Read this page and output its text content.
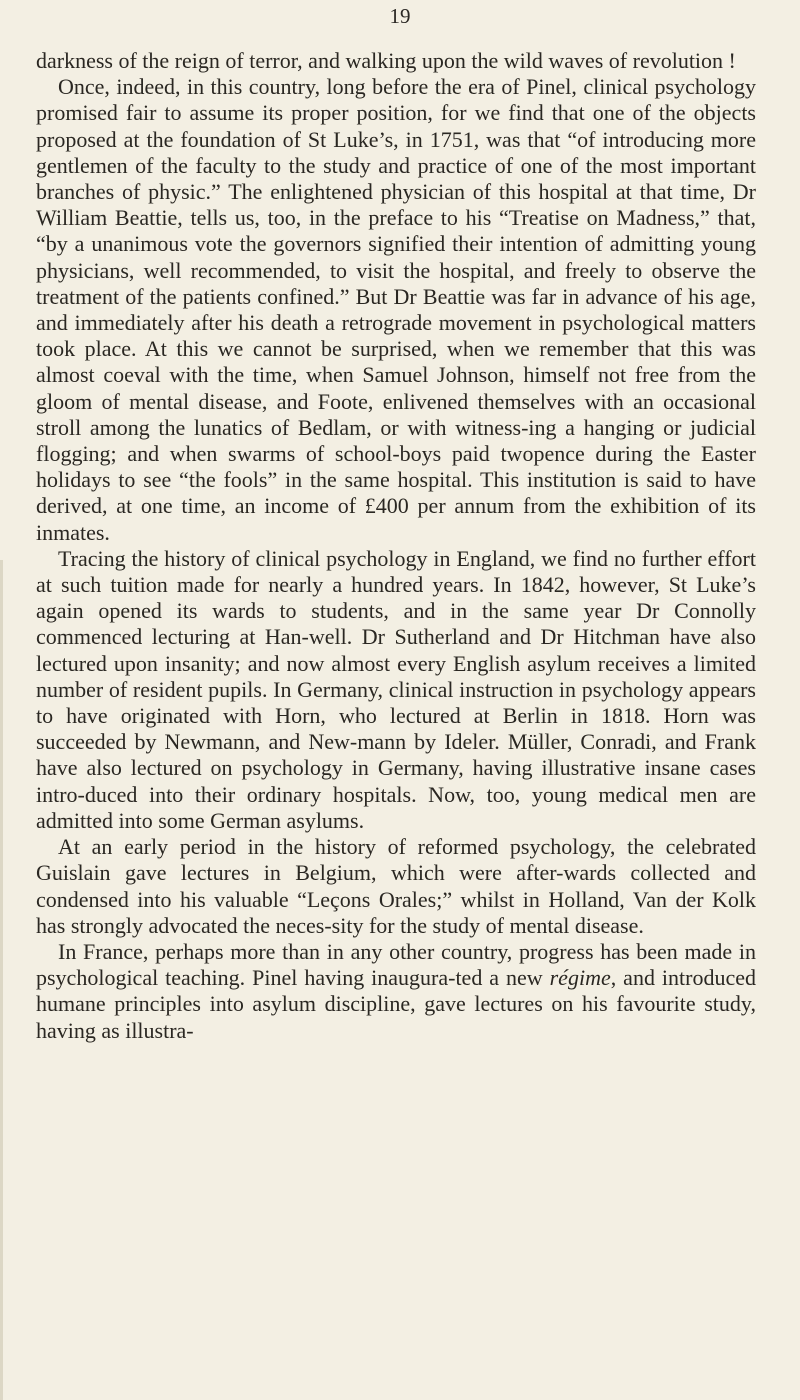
19

darkness of the reign of terror, and walking upon the wild waves of revolution !

Once, indeed, in this country, long before the era of Pinel, clinical psychology promised fair to assume its proper position, for we find that one of the objects proposed at the foundation of St Luke’s, in 1751, was that “of introducing more gentlemen of the faculty to the study and practice of one of the most important branches of physic.” The enlightened physician of this hospital at that time, Dr William Beattie, tells us, too, in the preface to his “Treatise on Madness,” that, “by a unanimous vote the governors signified their intention of admitting young physicians, well recommended, to visit the hospital, and freely to observe the treatment of the patients confined.” But Dr Beattie was far in advance of his age, and immediately after his death a retrograde movement in psychological matters took place. At this we cannot be surprised, when we remember that this was almost coeval with the time, when Samuel Johnson, himself not free from the gloom of mental disease, and Foote, enlivened themselves with an occasional stroll among the lunatics of Bedlam, or with witness-ing a hanging or judicial flogging; and when swarms of school-boys paid twopence during the Easter holidays to see “the fools” in the same hospital. This institution is said to have derived, at one time, an income of £400 per annum from the exhibition of its inmates.

Tracing the history of clinical psychology in England, we find no further effort at such tuition made for nearly a hundred years. In 1842, however, St Luke’s again opened its wards to students, and in the same year Dr Connolly commenced lecturing at Han-well. Dr Sutherland and Dr Hitchman have also lectured upon insanity; and now almost every English asylum receives a limited number of resident pupils. In Germany, clinical instruction in psychology appears to have originated with Horn, who lectured at Berlin in 1818. Horn was succeeded by Newmann, and New-mann by Ideler. Müller, Conradi, and Frank have also lectured on psychology in Germany, having illustrative insane cases intro-duced into their ordinary hospitals. Now, too, young medical men are admitted into some German asylums.

At an early period in the history of reformed psychology, the celebrated Guislain gave lectures in Belgium, which were after-wards collected and condensed into his valuable “Leçons Orales;” whilst in Holland, Van der Kolk has strongly advocated the neces-sity for the study of mental disease.

In France, perhaps more than in any other country, progress has been made in psychological teaching. Pinel having inaugura-ted a new régime, and introduced humane principles into asylum discipline, gave lectures on his favourite study, having as illustra-
